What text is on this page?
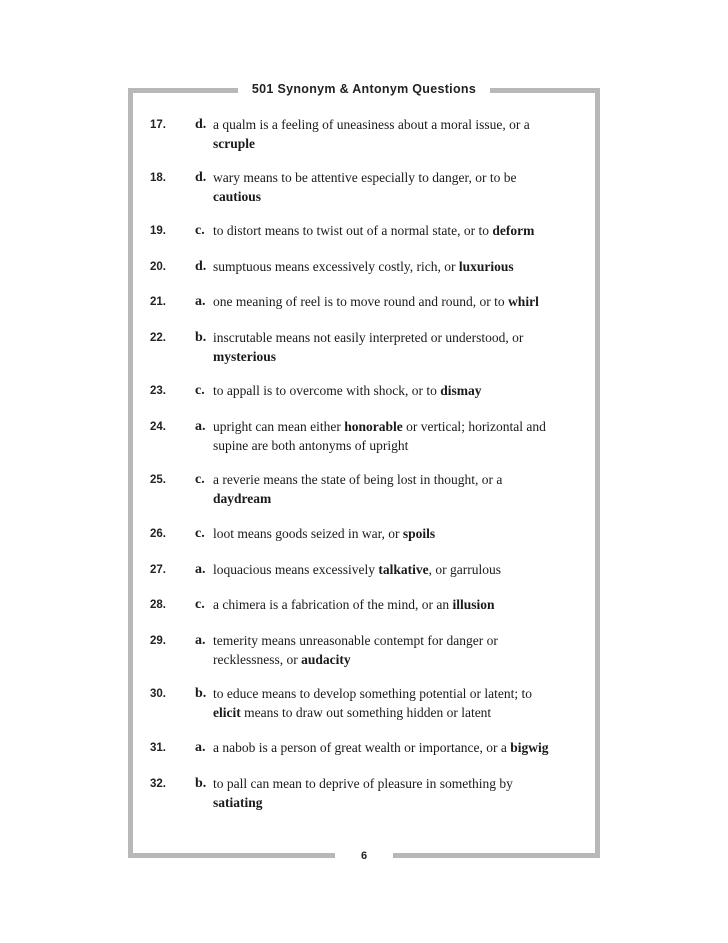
501 Synonym & Antonym Questions
17. d. a qualm is a feeling of uneasiness about a moral issue, or a scruple
18. d. wary means to be attentive especially to danger, or to be cautious
19. c. to distort means to twist out of a normal state, or to deform
20. d. sumptuous means excessively costly, rich, or luxurious
21. a. one meaning of reel is to move round and round, or to whirl
22. b. inscrutable means not easily interpreted or understood, or mysterious
23. c. to appall is to overcome with shock, or to dismay
24. a. upright can mean either honorable or vertical; horizontal and supine are both antonyms of upright
25. c. a reverie means the state of being lost in thought, or a daydream
26. c. loot means goods seized in war, or spoils
27. a. loquacious means excessively talkative, or garrulous
28. c. a chimera is a fabrication of the mind, or an illusion
29. a. temerity means unreasonable contempt for danger or recklessness, or audacity
30. b. to educe means to develop something potential or latent; to elicit means to draw out something hidden or latent
31. a. a nabob is a person of great wealth or importance, or a bigwig
32. b. to pall can mean to deprive of pleasure in something by satiating
6
